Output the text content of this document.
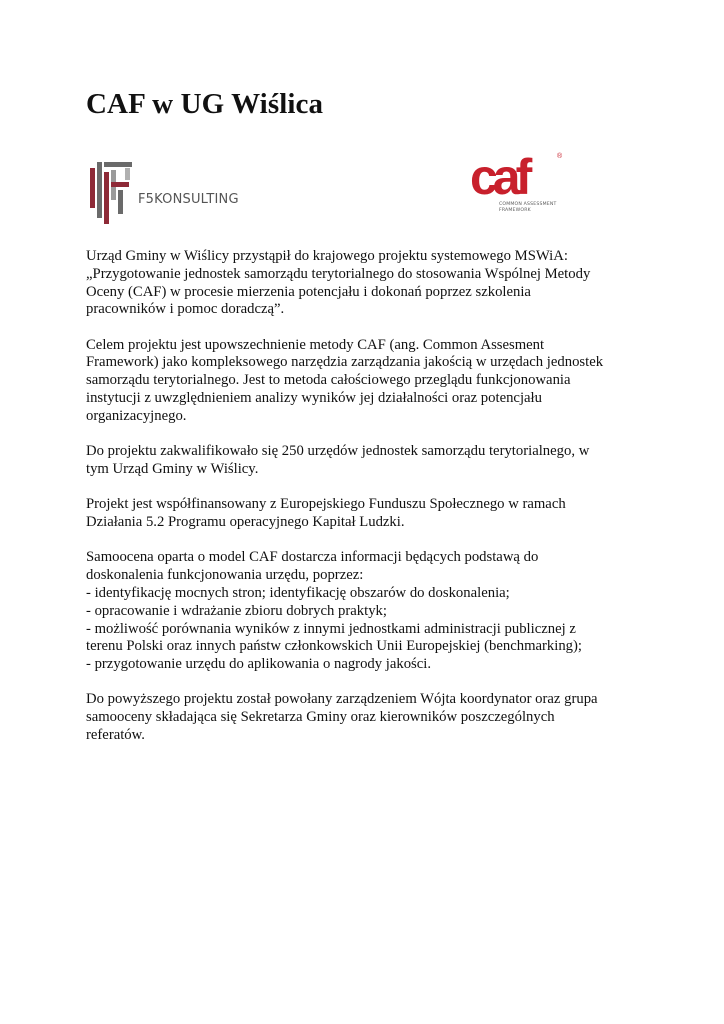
CAF w UG Wiślica
F5KONSULTING	caf	®
COMMON ASSESSMENT FRAMEWORK

Urząd Gminy w Wiślicy przystąpił do krajowego projektu systemowego MSWiA:
„Przygotowanie jednostek samorządu terytorialnego do stosowania Wspólnej Metody
Oceny (CAF) w procesie mierzenia potencjału i dokonań poprzez szkolenia
pracowników i pomoc doradczą”.

Celem projektu jest upowszechnienie metody CAF (ang. Common Assesment
Framework) jako kompleksowego narzędzia zarządzania jakością w urzędach jednostek
samorządu terytorialnego. Jest to metoda całościowego przeglądu funkcjonowania
instytucji z uwzględnieniem analizy wyników jej działalności oraz potencjału
organizacyjnego.

Do projektu zakwalifikowało się 250 urzędów jednostek samorządu terytorialnego, w
tym Urząd Gminy w Wiślicy.

Projekt jest współfinansowany z Europejskiego Funduszu Społecznego w ramach
Działania 5.2 Programu operacyjnego Kapitał Ludzki.

Samoocena oparta o model CAF dostarcza informacji będących podstawą do
doskonalenia funkcjonowania urzędu, poprzez:
- identyfikację mocnych stron; identyfikację obszarów do doskonalenia;
- opracowanie i wdrażanie zbioru dobrych praktyk;
- możliwość porównania wyników z innymi jednostkami administracji publicznej z
terenu Polski oraz innych państw członkowskich Unii Europejskiej (benchmarking);
- przygotowanie urzędu do aplikowania o nagrody jakości.

Do powyższego projektu został powołany zarządzeniem Wójta koordynator oraz grupa
samooceny składająca się Sekretarza Gminy oraz kierowników poszczególnych
referatów.
